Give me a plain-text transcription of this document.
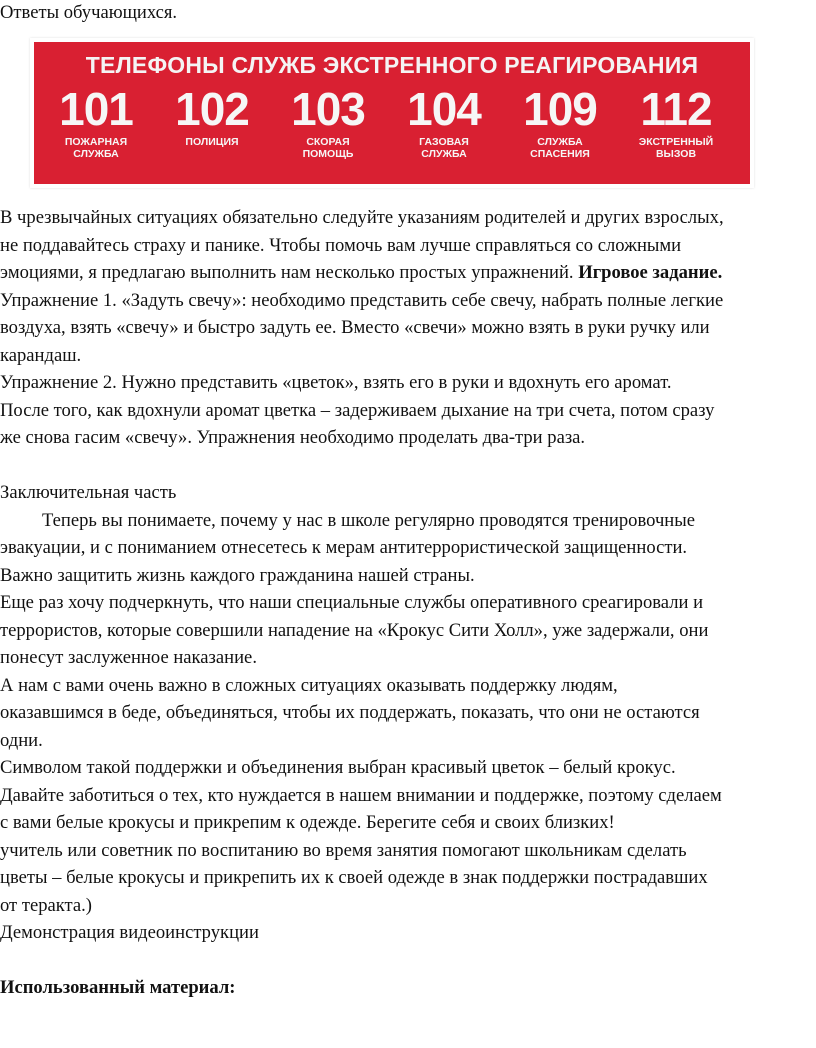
Ответы обучающихся.
ТЕЛЕФОНЫ СЛУЖБ ЭКСТРЕННОГО РЕАГИРОВАНИЯ
101
ПОЖАРНАЯ
СЛУЖБА
102
ПОЛИЦИЯ
103
СКОРАЯ
ПОМОЩЬ
104
ГАЗОВАЯ
СЛУЖБА
109
СЛУЖБА
СПАСЕНИЯ
112
ЭКСТРЕННЫЙ
ВЫЗОВ
В чрезвычайных ситуациях обязательно следуйте указаниям родителей и других взрослых,
не поддавайтесь страху и панике. Чтобы помочь вам лучше справляться со сложными
эмоциями, я предлагаю выполнить нам несколько простых упражнений. Игровое задание.
Упражнение 1. «Задуть свечу»: необходимо представить себе свечу, набрать полные легкие
воздуха, взять «свечу» и быстро задуть ее. Вместо «свечи» можно взять в руки ручку или
карандаш.
Упражнение 2. Нужно представить «цветок», взять его в руки и вдохнуть его аромат.
После того, как вдохнули аромат цветка – задерживаем дыхание на три счета, потом сразу
же снова гасим «свечу». Упражнения необходимо проделать два-три раза.
Заключительная часть
Теперь вы понимаете, почему у нас в школе регулярно проводятся тренировочные
эвакуации, и с пониманием отнесетесь к мерам антитеррористической защищенности.
Важно защитить жизнь каждого гражданина нашей страны.
Еще раз хочу подчеркнуть, что наши специальные службы оперативного среагировали и
террористов, которые совершили нападение на «Крокус Сити Холл», уже задержали, они
понесут заслуженное наказание.
А нам с вами очень важно в сложных ситуациях оказывать поддержку людям,
оказавшимся в беде, объединяться, чтобы их поддержать, показать, что они не остаются
одни.
Символом такой поддержки и объединения выбран красивый цветок – белый крокус.
Давайте заботиться о тех, кто нуждается в нашем внимании и поддержке, поэтому сделаем
с вами белые крокусы и прикрепим к одежде. Берегите себя и своих близких!
учитель или советник по воспитанию во время занятия помогают школьникам сделать
цветы – белые крокусы и прикрепить их к своей одежде в знак поддержки пострадавших
от теракта.)
Демонстрация видеоинструкции
Использованный материал:
